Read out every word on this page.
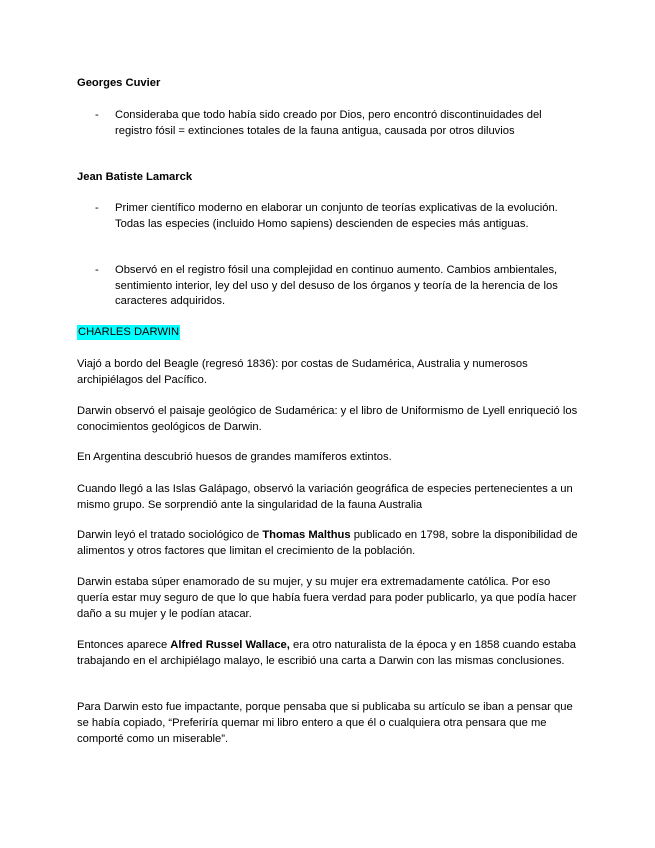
Georges Cuvier
- Consideraba que todo había sido creado por Dios, pero encontró discontinuidades del registro fósil = extinciones totales de la fauna antigua, causada por otros diluvios
Jean Batiste Lamarck
- Primer científico moderno en elaborar un conjunto de teorías explicativas de la evolución. Todas las especies (incluido Homo sapiens) descienden de especies más antiguas.
- Observó en el registro fósil una complejidad en continuo aumento. Cambios ambientales, sentimiento interior, ley del uso y del desuso de los órganos y teoría de la herencia de los caracteres adquiridos.
CHARLES DARWIN
Viajó a bordo del Beagle (regresó 1836): por costas de Sudamérica, Australia y numerosos archipiélagos del Pacífico.
Darwin observó el paisaje geológico de Sudamérica: y el libro de Uniformismo de Lyell enriqueció los conocimientos geológicos de Darwin.
En Argentina descubrió huesos de grandes mamíferos extintos.
Cuando llegó a las Islas Galápago, observó la variación geográfica de especies pertenecientes a un mismo grupo. Se sorprendió ante la singularidad de la fauna Australia
Darwin leyó el tratado sociológico de Thomas Malthus publicado en 1798, sobre la disponibilidad de alimentos y otros factores que limitan el crecimiento de la población.
Darwin estaba súper enamorado de su mujer, y su mujer era extremadamente católica. Por eso quería estar muy seguro de que lo que había fuera verdad para poder publicarlo, ya que podía hacer daño a su mujer y le podían atacar.
Entonces aparece Alfred Russel Wallace, era otro naturalista de la época y en 1858 cuando estaba trabajando en el archipiélago malayo, le escribió una carta a Darwin con las mismas conclusiones.
Para Darwin esto fue impactante, porque pensaba que si publicaba su artículo se iban a pensar que se había copiado, “Preferiría quemar mi libro entero a que él o cualquiera otra pensara que me comporté como un miserable”.
